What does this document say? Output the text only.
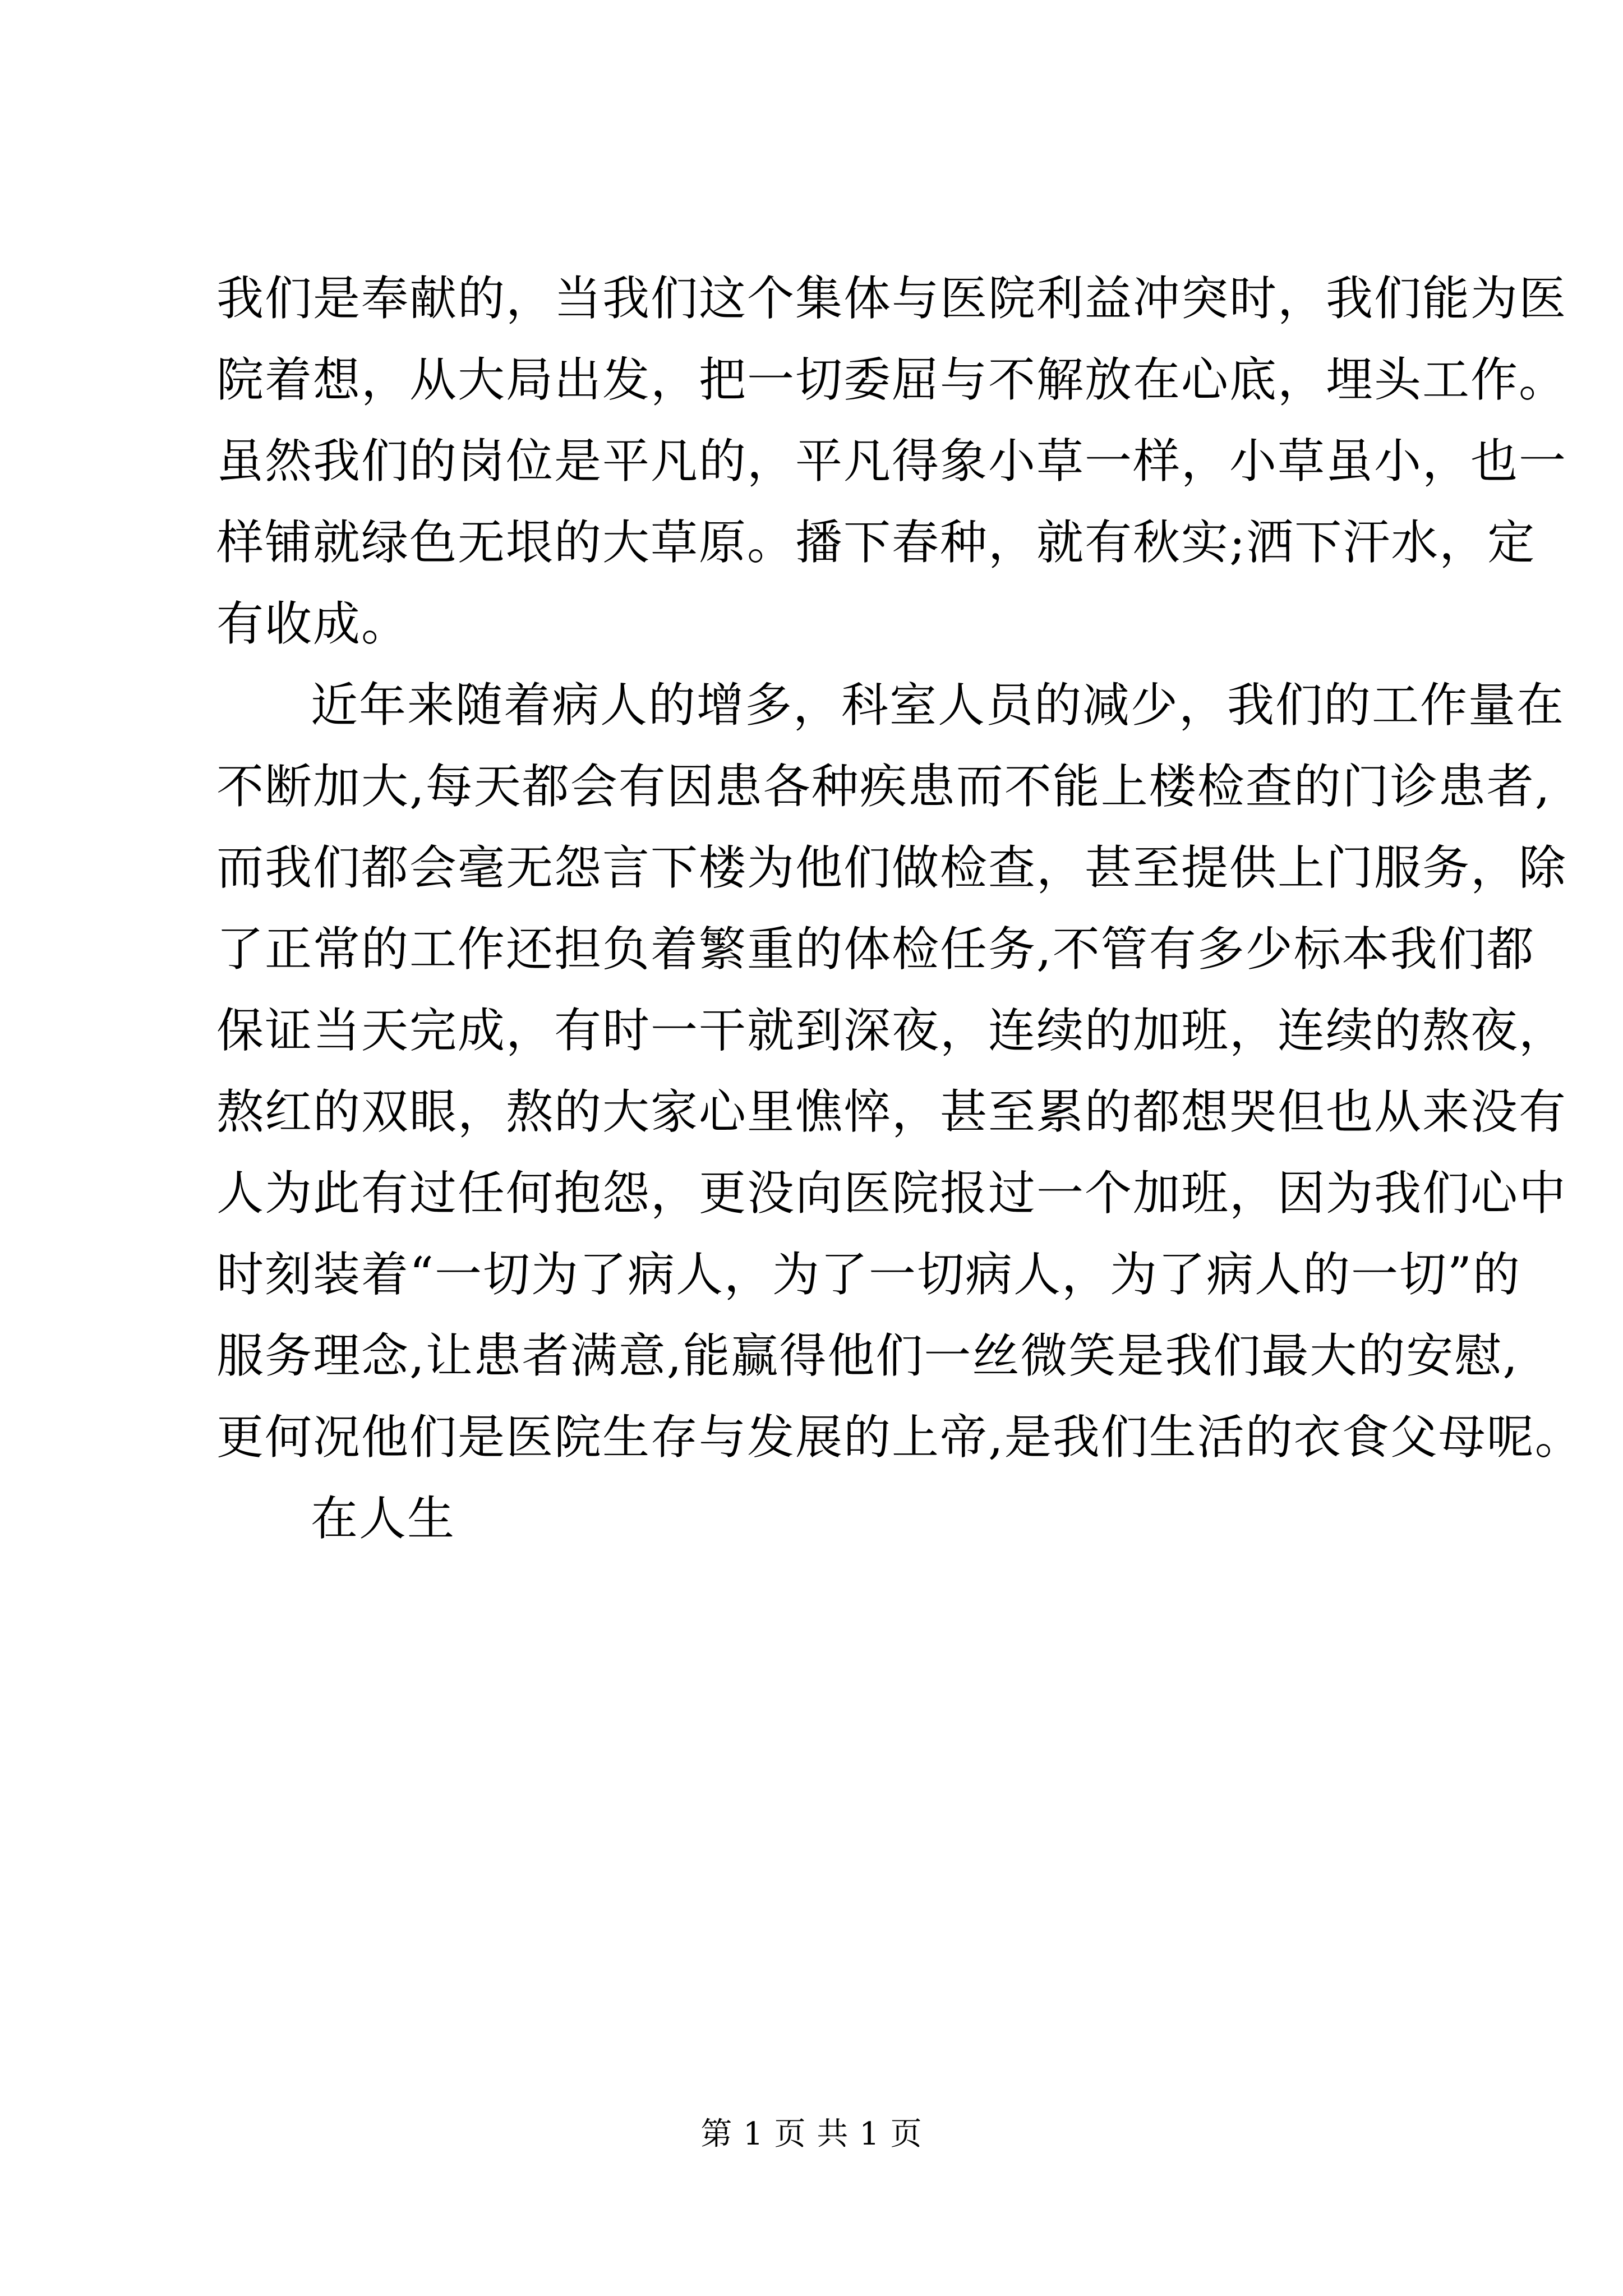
我们是奉献的，当我们这个集体与医院利益冲突时，我们能为医
院着想，从大局出发，把一切委屈与不解放在心底，埋头工作。
虽然我们的岗位是平凡的，平凡得象小草一样，小草虽小，也一
样铺就绿色无垠的大草原。播下春种，就有秋实;洒下汗水，定
有收成。

近年来随着病人的增多，科室人员的减少，我们的工作量在
不断加大,每天都会有因患各种疾患而不能上楼检查的门诊患者,
而我们都会毫无怨言下楼为他们做检查，甚至提供上门服务，除
了正常的工作还担负着繁重的体检任务,不管有多少标本我们都
保证当天完成，有时一干就到深夜，连续的加班，连续的熬夜，
熬红的双眼，熬的大家心里憔悴，甚至累的都想哭但也从来没有
人为此有过任何抱怨，更没向医院报过一个加班，因为我们心中
时刻装着“一切为了病人，为了一切病人，为了病人的一切”的
服务理念,让患者满意,能赢得他们一丝微笑是我们最大的安慰,
更何况他们是医院生存与发展的上帝,是我们生活的衣食父母呢。

在人生

第 1 页 共 1 页
